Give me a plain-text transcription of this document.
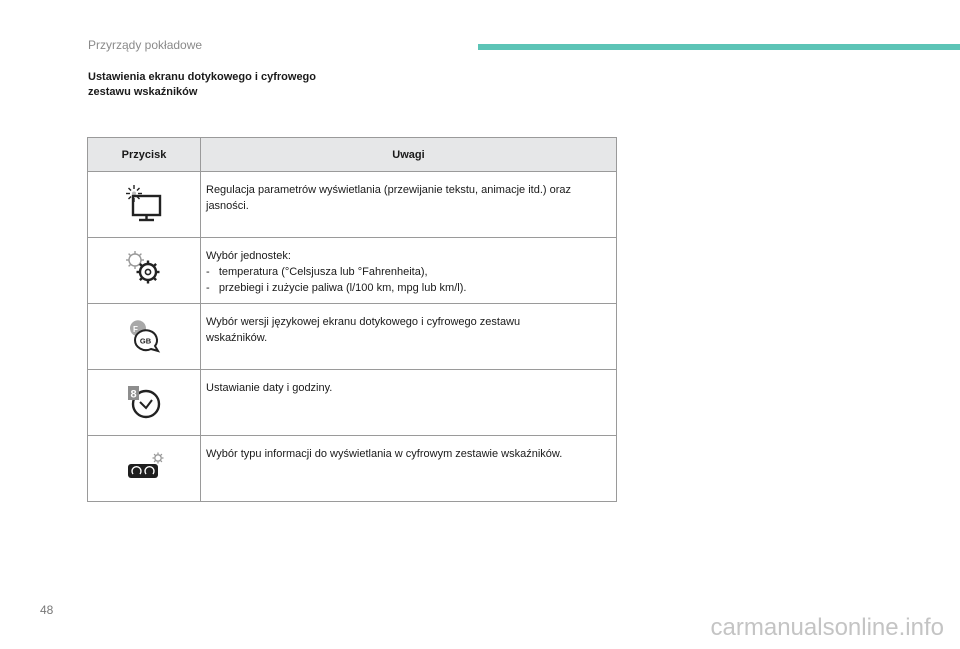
Przyrządy pokładowe
Ustawienia ekranu dotykowego i cyfrowego
zestawu wskaźników
Przycisk	Uwagi

	Regulacja parametrów wyświetlania (przewijanie tekstu, animacje itd.) oraz
jasności.

	Wybór jednostek:
-   temperatura (°Celsjusza lub °Fahrenheita),
-   przebiegi i zużycie paliwa (l/100 km, mpg lub km/l).

F
GB	Wybór wersji językowej ekranu dotykowego i cyfrowego zestawu
wskaźników.

8	Ustawianie daty i godziny.

	Wybór typu informacji do wyświetlania w cyfrowym zestawie wskaźników.
48
carmanualsonline.info
